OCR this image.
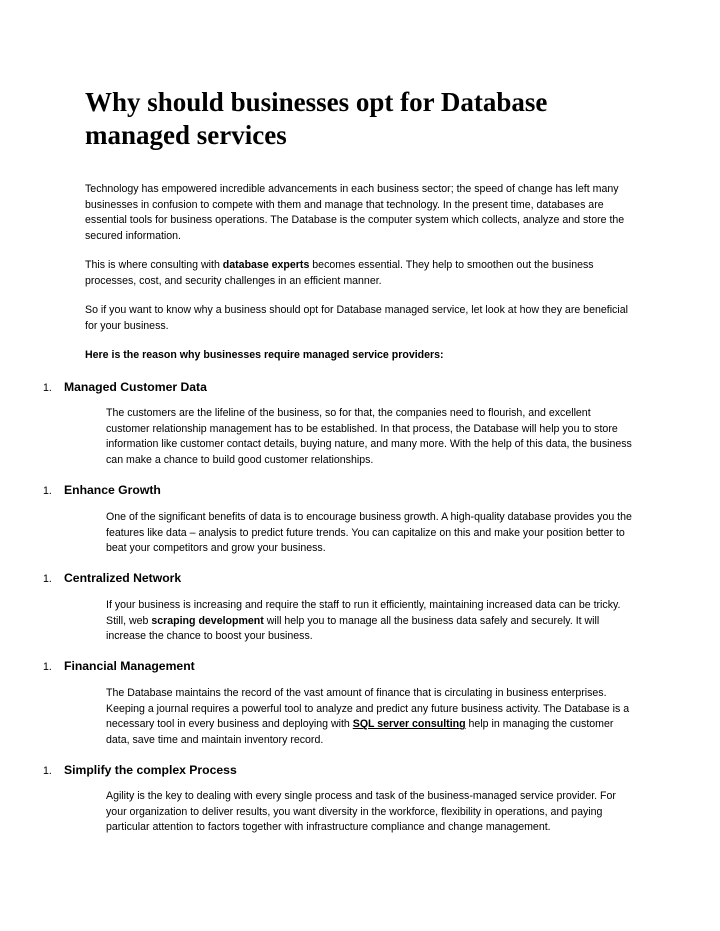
Why should businesses opt for Database managed services

Technology has empowered incredible advancements in each business sector; the speed of change has left many businesses in confusion to compete with them and manage that technology. In the present time, databases are essential tools for business operations. The Database is the computer system which collects, analyze and store the secured information.

This is where consulting with database experts becomes essential. They help to smoothen out the business processes, cost, and security challenges in an efficient manner.

So if you want to know why a business should opt for Database managed service, let look at how they are beneficial for your business.

Here is the reason why businesses require managed service providers:

1. Managed Customer Data

The customers are the lifeline of the business, so for that, the companies need to flourish, and excellent customer relationship management has to be established. In that process, the Database will help you to store information like customer contact details, buying nature, and many more. With the help of this data, the business can make a chance to build good customer relationships.

1. Enhance Growth

One of the significant benefits of data is to encourage business growth. A high-quality database provides you the features like data – analysis to predict future trends. You can capitalize on this and make your position better to beat your competitors and grow your business.

1. Centralized Network

If your business is increasing and require the staff to run it efficiently, maintaining increased data can be tricky. Still, web scraping development will help you to manage all the business data safely and securely. It will increase the chance to boost your business.

1. Financial Management

The Database maintains the record of the vast amount of finance that is circulating in business enterprises. Keeping a journal requires a powerful tool to analyze and predict any future business activity. The Database is a necessary tool in every business and deploying with SQL server consulting help in managing the customer data, save time and maintain inventory record.

1. Simplify the complex Process

Agility is the key to dealing with every single process and task of the business-managed service provider. For your organization to deliver results, you want diversity in the workforce, flexibility in operations, and paying particular attention to factors together with infrastructure compliance and change management.
